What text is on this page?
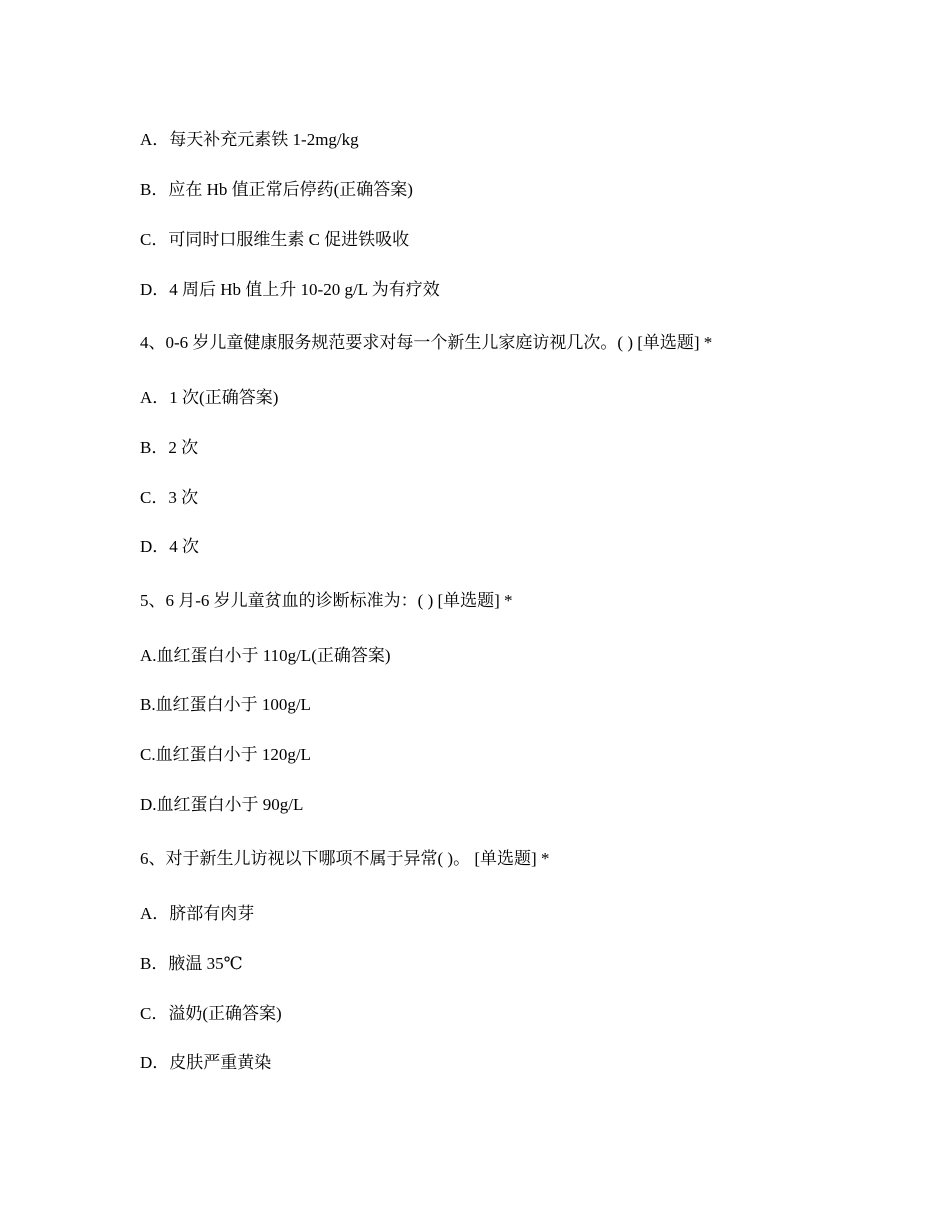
A．每天补充元素铁 1-2mg/kg
B．应在 Hb 值正常后停药(正确答案)
C．可同时口服维生素 C 促进铁吸收
D．4 周后 Hb 值上升 10-20 g/L 为有疗效
4、0-6 岁儿童健康服务规范要求对每一个新生儿家庭访视几次。( ) [单选题] *
A．1 次(正确答案)
B．2 次
C．3 次
D．4 次
5、6 月-6 岁儿童贫血的诊断标准为：( ) [单选题] *
A.血红蛋白小于 110g/L(正确答案)
B.血红蛋白小于 100g/L
C.血红蛋白小于 120g/L
D.血红蛋白小于 90g/L
6、对于新生儿访视以下哪项不属于异常( )。 [单选题] *
A．脐部有肉芽
B．腋温 35℃
C．溢奶(正确答案)
D．皮肤严重黄染
